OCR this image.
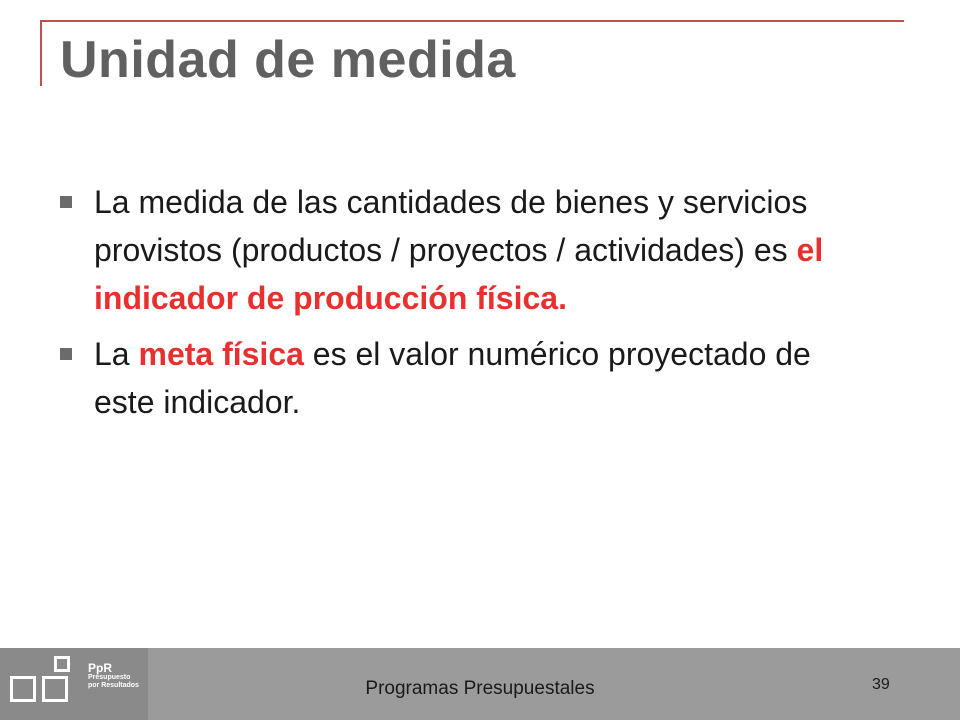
Unidad de medida
La medida de las cantidades de bienes y servicios provistos (productos / proyectos / actividades) es el indicador de producción física.
La meta física es el valor numérico proyectado de este indicador.
PpR
Presupuesto
por Resultados	Programas Presupuestales	39
